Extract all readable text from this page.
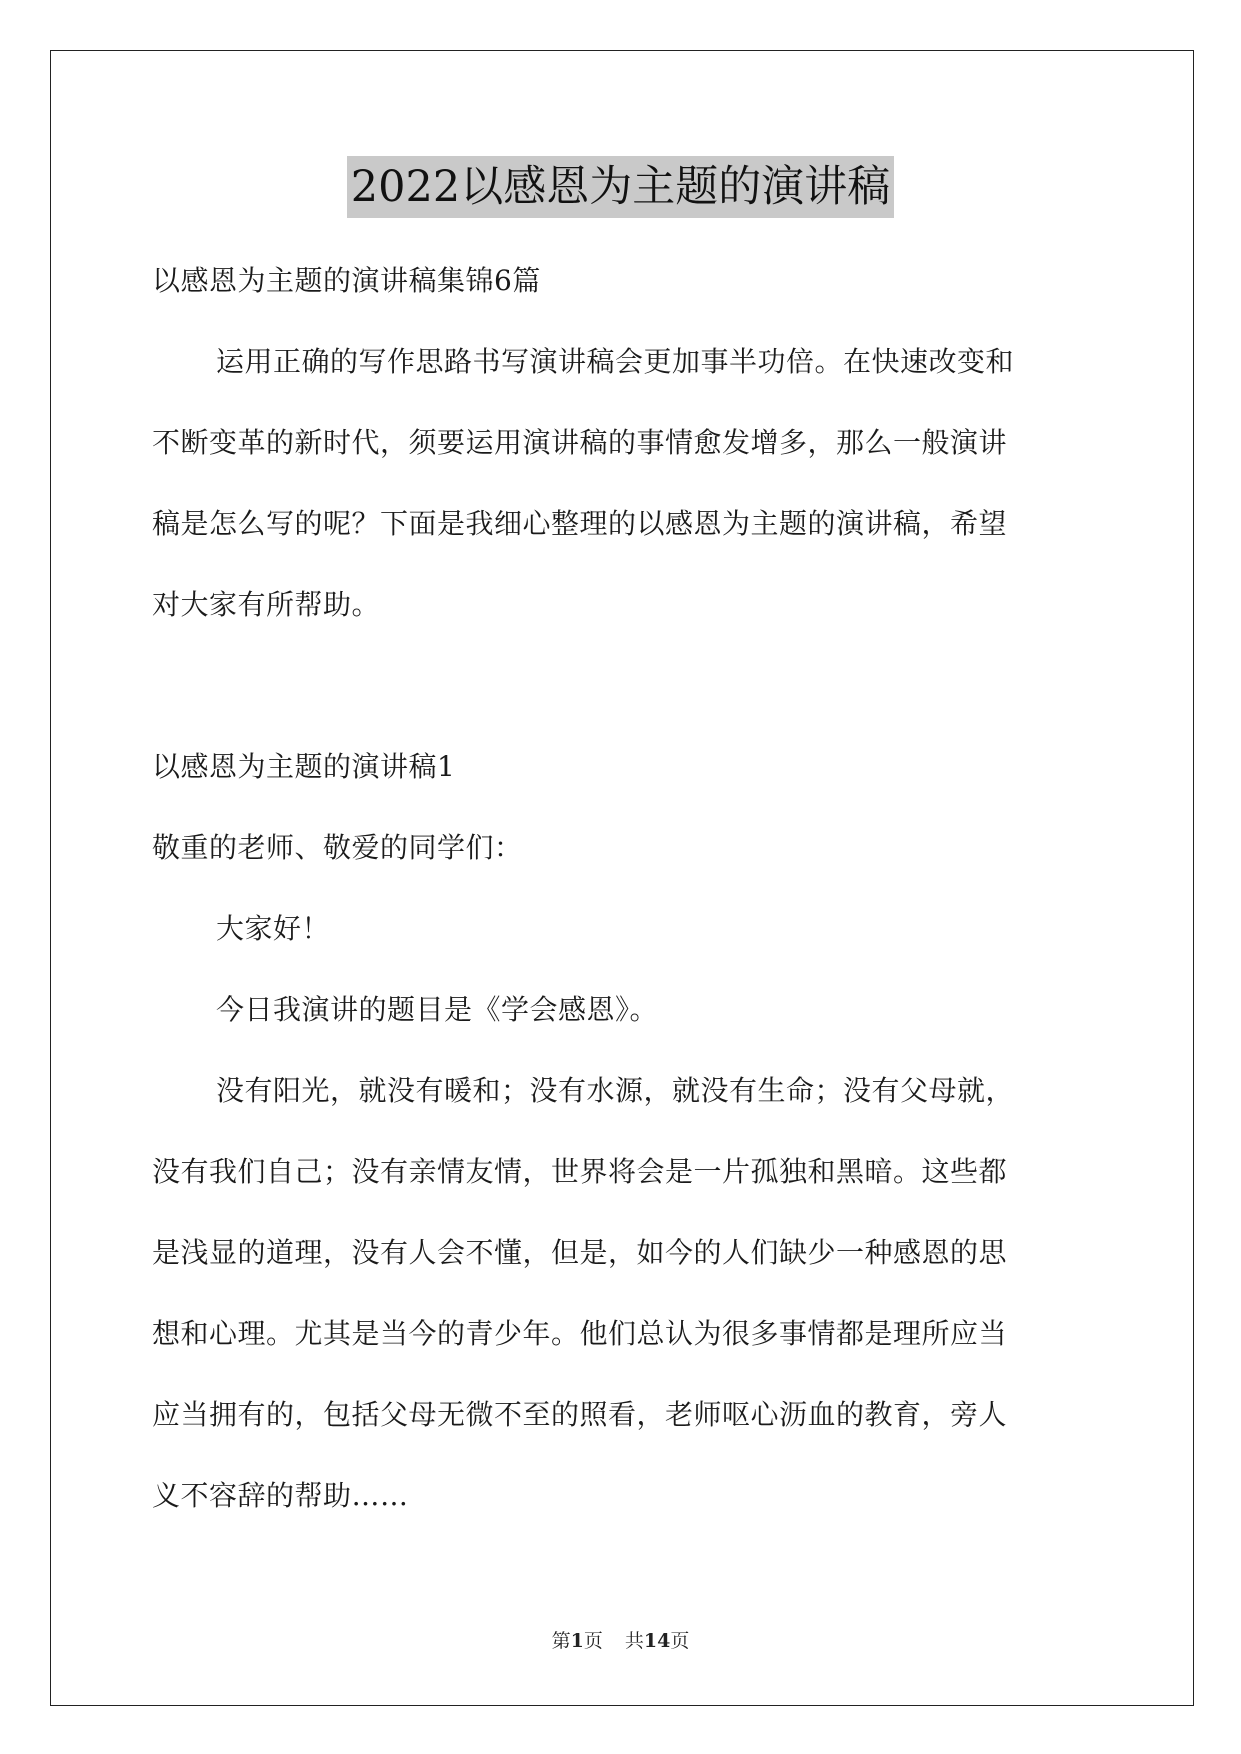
2022以感恩为主题的演讲稿

以感恩为主题的演讲稿集锦6篇

运用正确的写作思路书写演讲稿会更加事半功倍。在快速改变和

不断变革的新时代，须要运用演讲稿的事情愈发增多，那么一般演讲

稿是怎么写的呢？下面是我细心整理的以感恩为主题的演讲稿，希望

对大家有所帮助。

以感恩为主题的演讲稿1

敬重的老师、敬爱的同学们：

大家好！

今日我演讲的题目是《学会感恩》。

没有阳光，就没有暖和；没有水源，就没有生命；没有父母就，

没有我们自己；没有亲情友情，世界将会是一片孤独和黑暗。这些都

是浅显的道理，没有人会不懂，但是，如今的人们缺少一种感恩的思

想和心理。尤其是当今的青少年。他们总认为很多事情都是理所应当

应当拥有的，包括父母无微不至的照看，老师呕心沥血的教育，旁人

义不容辞的帮助……

第1页 共14页
